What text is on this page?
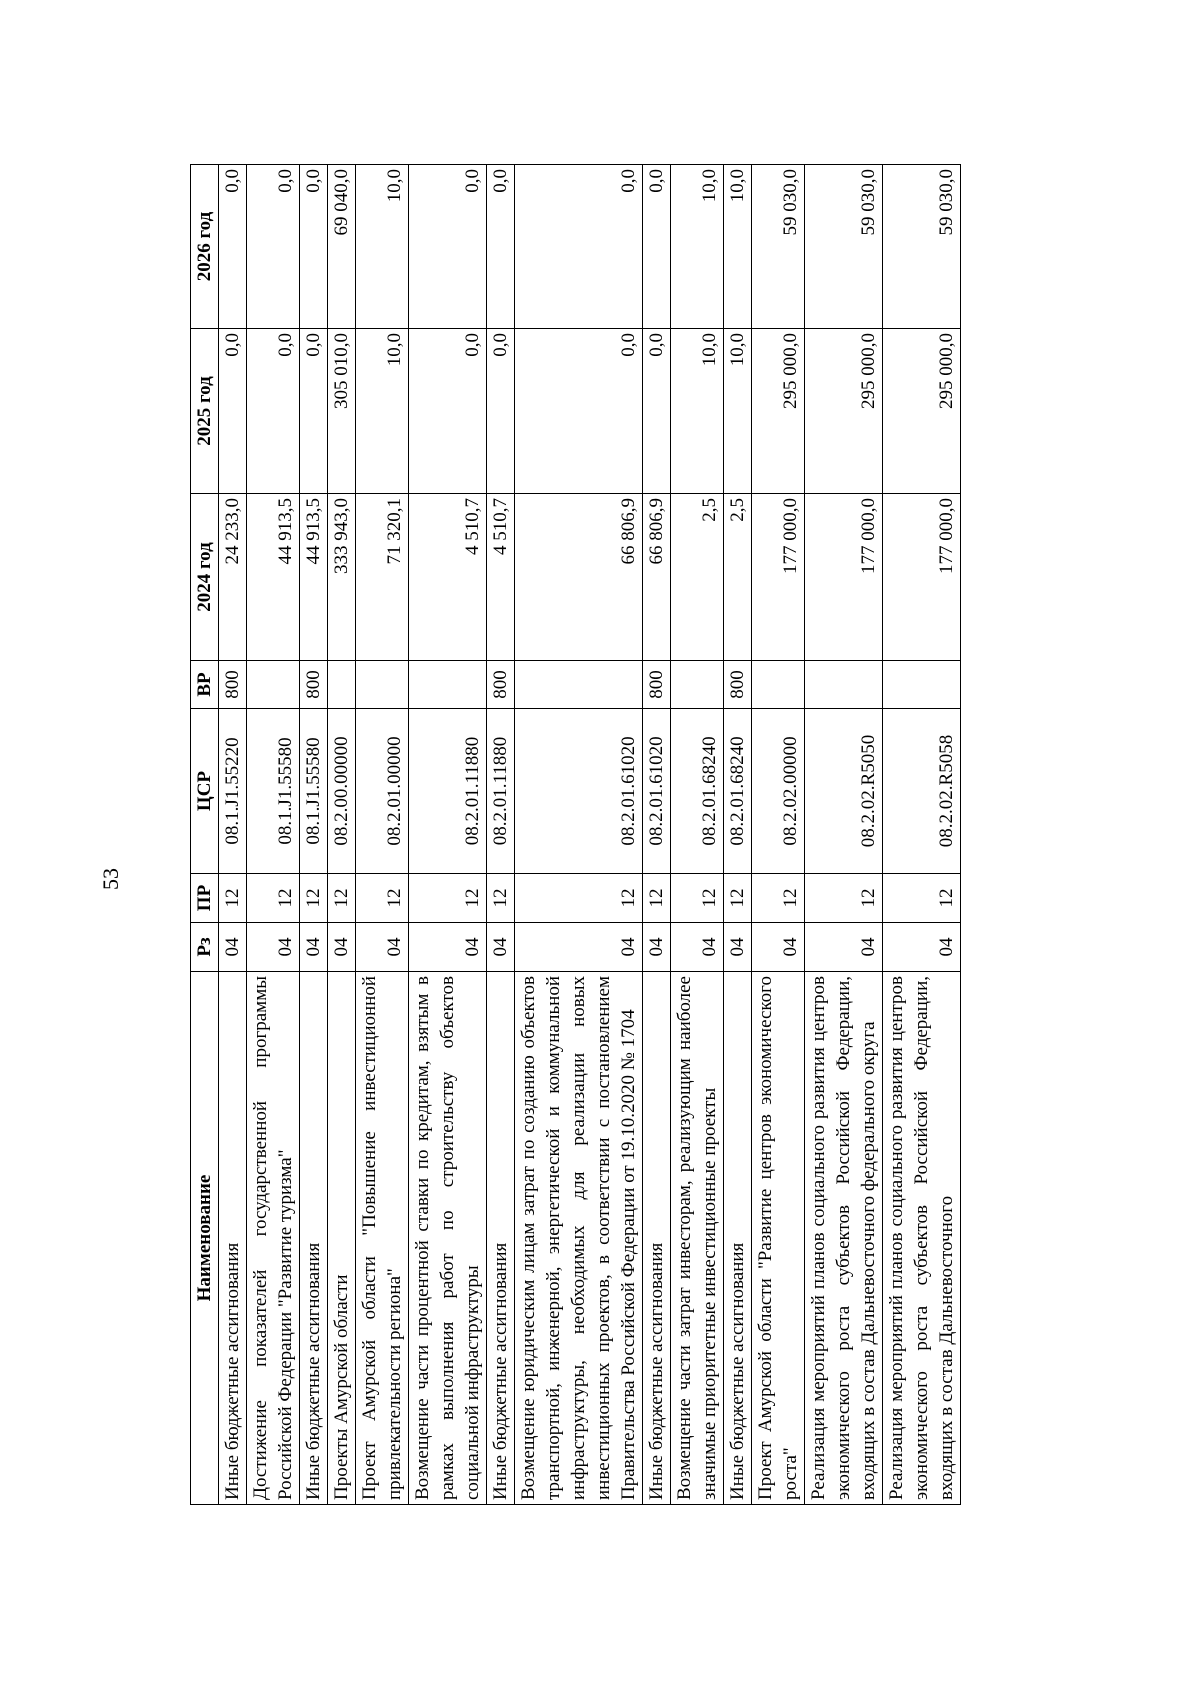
53
Наименование	Рз	ПР	ЦСР	ВР	2024 год	2025 год	2026 год
Иные бюджетные ассигнования	04	12	08.1.J1.55220	800	24 233,0	0,0	0,0
Достижение показателей государственной программы Российской Федерации "Развитие туризма"	04	12	08.1.J1.55580		44 913,5	0,0	0,0
Иные бюджетные ассигнования	04	12	08.1.J1.55580	800	44 913,5	0,0	0,0
Проекты Амурской области	04	12	08.2.00.00000		333 943,0	305 010,0	69 040,0
Проект Амурской области "Повышение инвестиционной привлекательности региона"	04	12	08.2.01.00000		71 320,1	10,0	10,0
Возмещение части процентной ставки по кредитам, взятым в рамках выполнения работ по строительству объектов социальной инфраструктуры	04	12	08.2.01.11880		4 510,7	0,0	0,0
Иные бюджетные ассигнования	04	12	08.2.01.11880	800	4 510,7	0,0	0,0
Возмещение юридическим лицам затрат по созданию объектов транспортной, инженерной, энергетической и коммунальной инфраструктуры, необходимых для реализации новых инвестиционных проектов, в соответствии с постановлением Правительства Российской Федерации от 19.10.2020 № 1704	04	12	08.2.01.61020		66 806,9	0,0	0,0
Иные бюджетные ассигнования	04	12	08.2.01.61020	800	66 806,9	0,0	0,0
Возмещение части затрат инвесторам, реализующим наиболее значимые приоритетные инвестиционные проекты	04	12	08.2.01.68240		2,5	10,0	10,0
Иные бюджетные ассигнования	04	12	08.2.01.68240	800	2,5	10,0	10,0
Проект Амурской области "Развитие центров экономического роста"	04	12	08.2.02.00000		177 000,0	295 000,0	59 030,0
Реализация мероприятий планов социального развития центров экономического роста субъектов Российской Федерации, входящих в состав Дальневосточного федерального округа	04	12	08.2.02.R5050		177 000,0	295 000,0	59 030,0
Реализация мероприятий планов социального развития центров экономического роста субъектов Российской Федерации, входящих в состав Дальневосточного	04	12	08.2.02.R5058		177 000,0	295 000,0	59 030,0
